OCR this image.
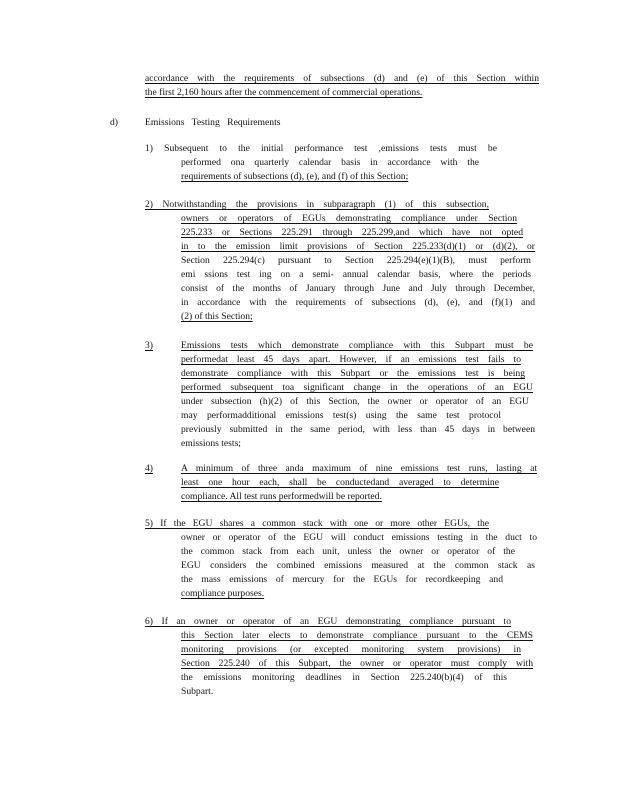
accordance with the requirements of subsections (d) and (e) of this Section within
the first 2,160 hours after the commencement of commercial operations.
d)	Emissions Testing Requirements
1) Subsequent to the initial performance test ,emissions tests must be
performed ona quarterly calendar basis in accordance with the
requirements of subsections (d), (e), and (f) of this Section;
2) Notwithstanding the provisions in subparagraph (1) of this subsection,
owners or operators of EGUs demonstrating compliance under Section
225.233 or Sections 225.291 through 225.299,and which have not opted
in to the emission limit provisions of Section 225.233(d)(1) or (d)(2), or
Section 225.294(c) pursuant to Section 225.294(e)(1)(B), must perform
emi ssions test ing on a semi- annual calendar basis, where the periods
consist of the months of January through June and July through December,
in accordance with the requirements of subsections (d), (e), and (f)(1) and
(2) of this Section;
3)	Emissions tests which demonstrate compliance with this Subpart must be
performedat least 45 days apart. However, if an emissions test fails to
demonstrate compliance with this Subpart or the emissions test is being
performed subsequent toa significant change in the operations of an EGU
under subsection (h)(2) of this Section, the owner or operator of an EGU
may performadditional emissions test(s) using the same test protocol
previously submitted in the same period, with less than 45 days in between
emissions tests;
4)	A minimum of three anda maximum of nine emissions test runs, lasting at
least one hour each, shall be conductedand averaged to determine
compliance. All test runs performedwill be reported.
5) If the EGU shares a common stack with one or more other EGUs, the
owner or operator of the EGU will conduct emissions testing in the duct to
the common stack from each unit, unless the owner or operator of the
EGU considers the combined emissions measured at the common stack as
the mass emissions of mercury for the EGUs for recordkeeping and
compliance purposes.
6) If an owner or operator of an EGU demonstrating compliance pursuant to
this Section later elects to demonstrate compliance pursuant to the CEMS
monitoring provisions (or excepted monitoring system provisions) in
Section 225.240 of this Subpart, the owner or operator must comply with
the emissions monitoring deadlines in Section 225.240(b)(4) of this
Subpart.
